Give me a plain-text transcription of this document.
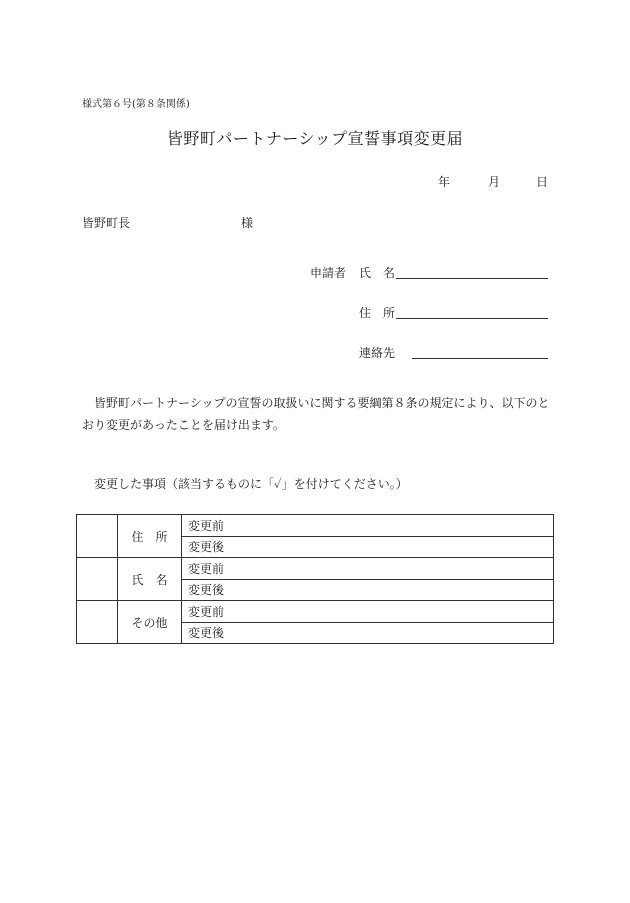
様式第６号(第８条関係)
皆野町パートナーシップ宣誓事項変更届
年	月	日
皆野町長	様
申請者 氏　名
住　所
連絡先
皆野町パートナーシップの宣誓の取扱いに関する要綱第８条の規定により、以下のとおり変更があったことを届け出ます。
変更した事項（該当するものに「✓」を付けてください。）
	住　所	変更前
		変更後
	氏　名	変更前
		変更後
	その他	変更前
		変更後
